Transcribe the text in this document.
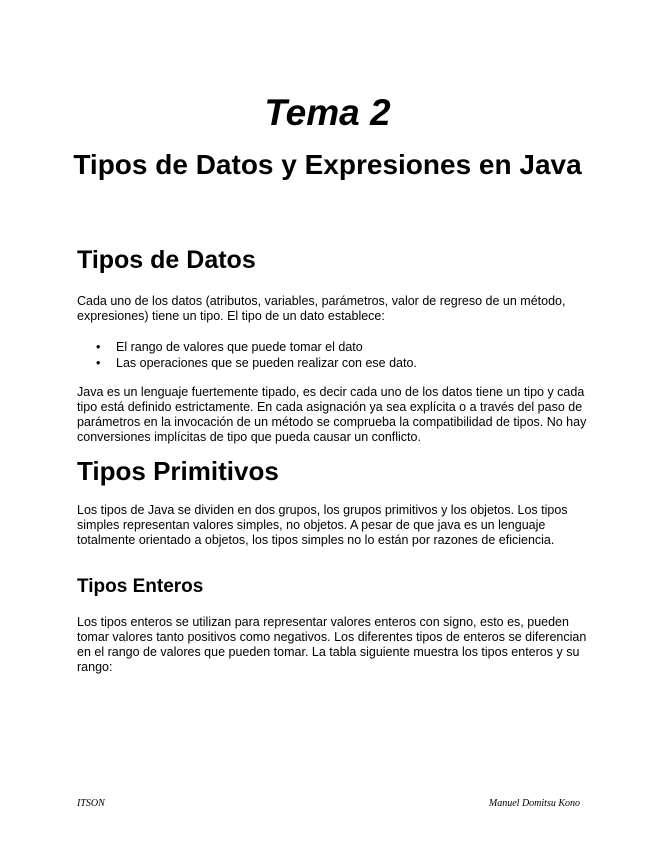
Tema 2
Tipos de Datos y Expresiones en Java
Tipos de Datos

Cada uno de los datos (atributos, variables, parámetros, valor de regreso de un método, expresiones) tiene un tipo. El tipo de un dato establece:

• El rango de valores que puede tomar el dato
• Las operaciones que se pueden realizar con ese dato.

Java es un lenguaje fuertemente tipado, es decir cada uno de los datos tiene un tipo y cada tipo está definido estrictamente. En cada asignación ya sea explícita o a través del paso de parámetros en la invocación de un método se comprueba la compatibilidad de tipos. No hay conversiones implícitas de tipo que pueda causar un conflicto.

Tipos Primitivos

Los tipos de Java se dividen en dos grupos, los grupos primitivos y los objetos. Los tipos simples representan valores simples, no objetos. A pesar de que java es un lenguaje totalmente orientado a objetos, los tipos simples no lo están por razones de eficiencia.

Tipos Enteros

Los tipos enteros se utilizan para representar valores enteros con signo, esto es, pueden tomar valores tanto positivos como negativos. Los diferentes tipos de enteros se diferencian en el rango de valores que pueden tomar. La tabla siguiente muestra los tipos enteros y su rango:

ITSON	Manuel Domitsu Kono
